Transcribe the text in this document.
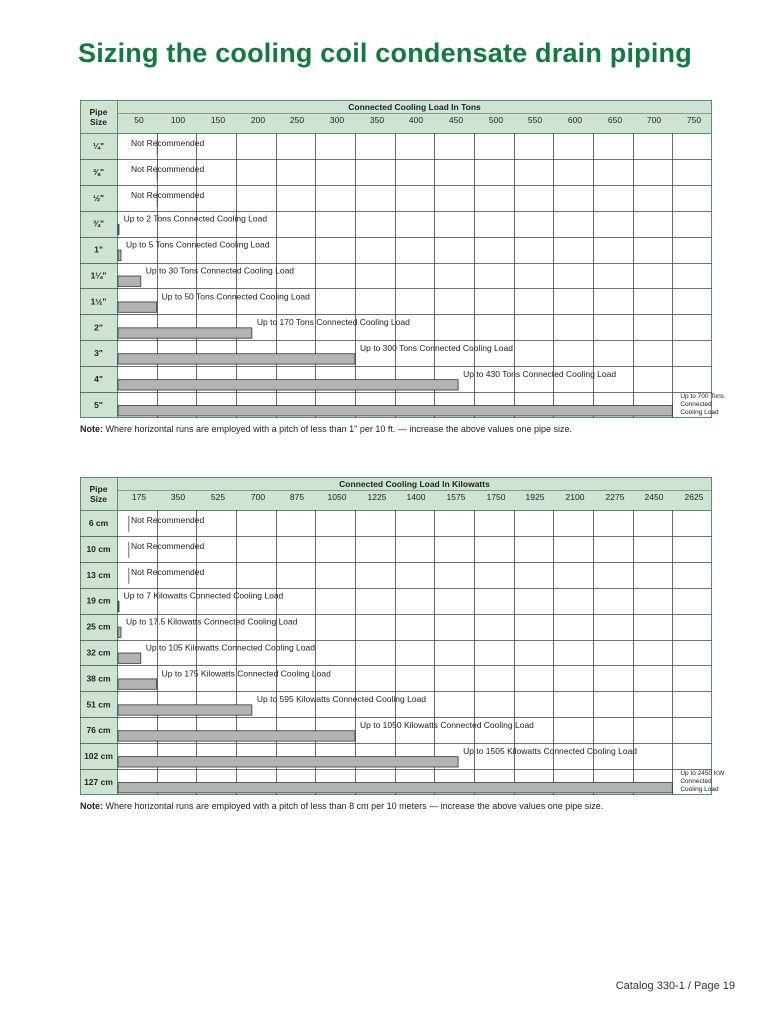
Sizing the cooling coil condensate drain piping
Connected Cooling Load In Tons
Pipe
Size	50	100	150	200	250	300	350	400	450	500	550	600	650	700	750
¼"	Not Recommended
⅜"	Not Recommended
½"	Not Recommended
¾"
Up to 2 Tons Connected Cooling Load
1"
Up to 5 Tons Connected Cooling Load
1¼"
Up to 30 Tons Connected Cooling Load
1½"
Up to 50 Tons Connected Cooling Load
2"
Up to 170 Tons Connected Cooling Load
3"
Up to 300 Tons Connected Cooling Load
4"
Up to 430 Tons Connected Cooling Load
5"
Up to 700 Tons
Connected
Cooling Load
Note: Where horizontal runs are employed with a pitch of less than 1" per 10 ft. — increase the above values one pipe size.
Connected Cooling Load In Kilowatts
Pipe
Size	175	350	525	700	875	1050 1225 1400 1575 1750 1925 2100 2275 2450 2625
6 cm	Not Recommended
10 cm Not Recommended
13 cm Not Recommended
19 cm
Up to 7 Kilowatts Connected Cooling Load
25 cm
Up to 17.5 Kilowatts Connected Cooling Load
32 cm
Up to 105 Kilowatts Connected Cooling Load
38 cm
Up to 175 Kilowatts Connected Cooling Load
51 cm
Up to 595 Kilowatts Connected Cooling Load
76 cm
Up to 1050 Kilowatts Connected Cooling Load
102 cm
Up to 1505 Kilowatts Connected Cooling Load
127 cm
Up to 2450 KW
Connected
Cooling Load
Note: Where horizontal runs are employed with a pitch of less than 8 cm per 10 meters — increase the above values one pipe size.
Catalog 330-1 / Page 19
